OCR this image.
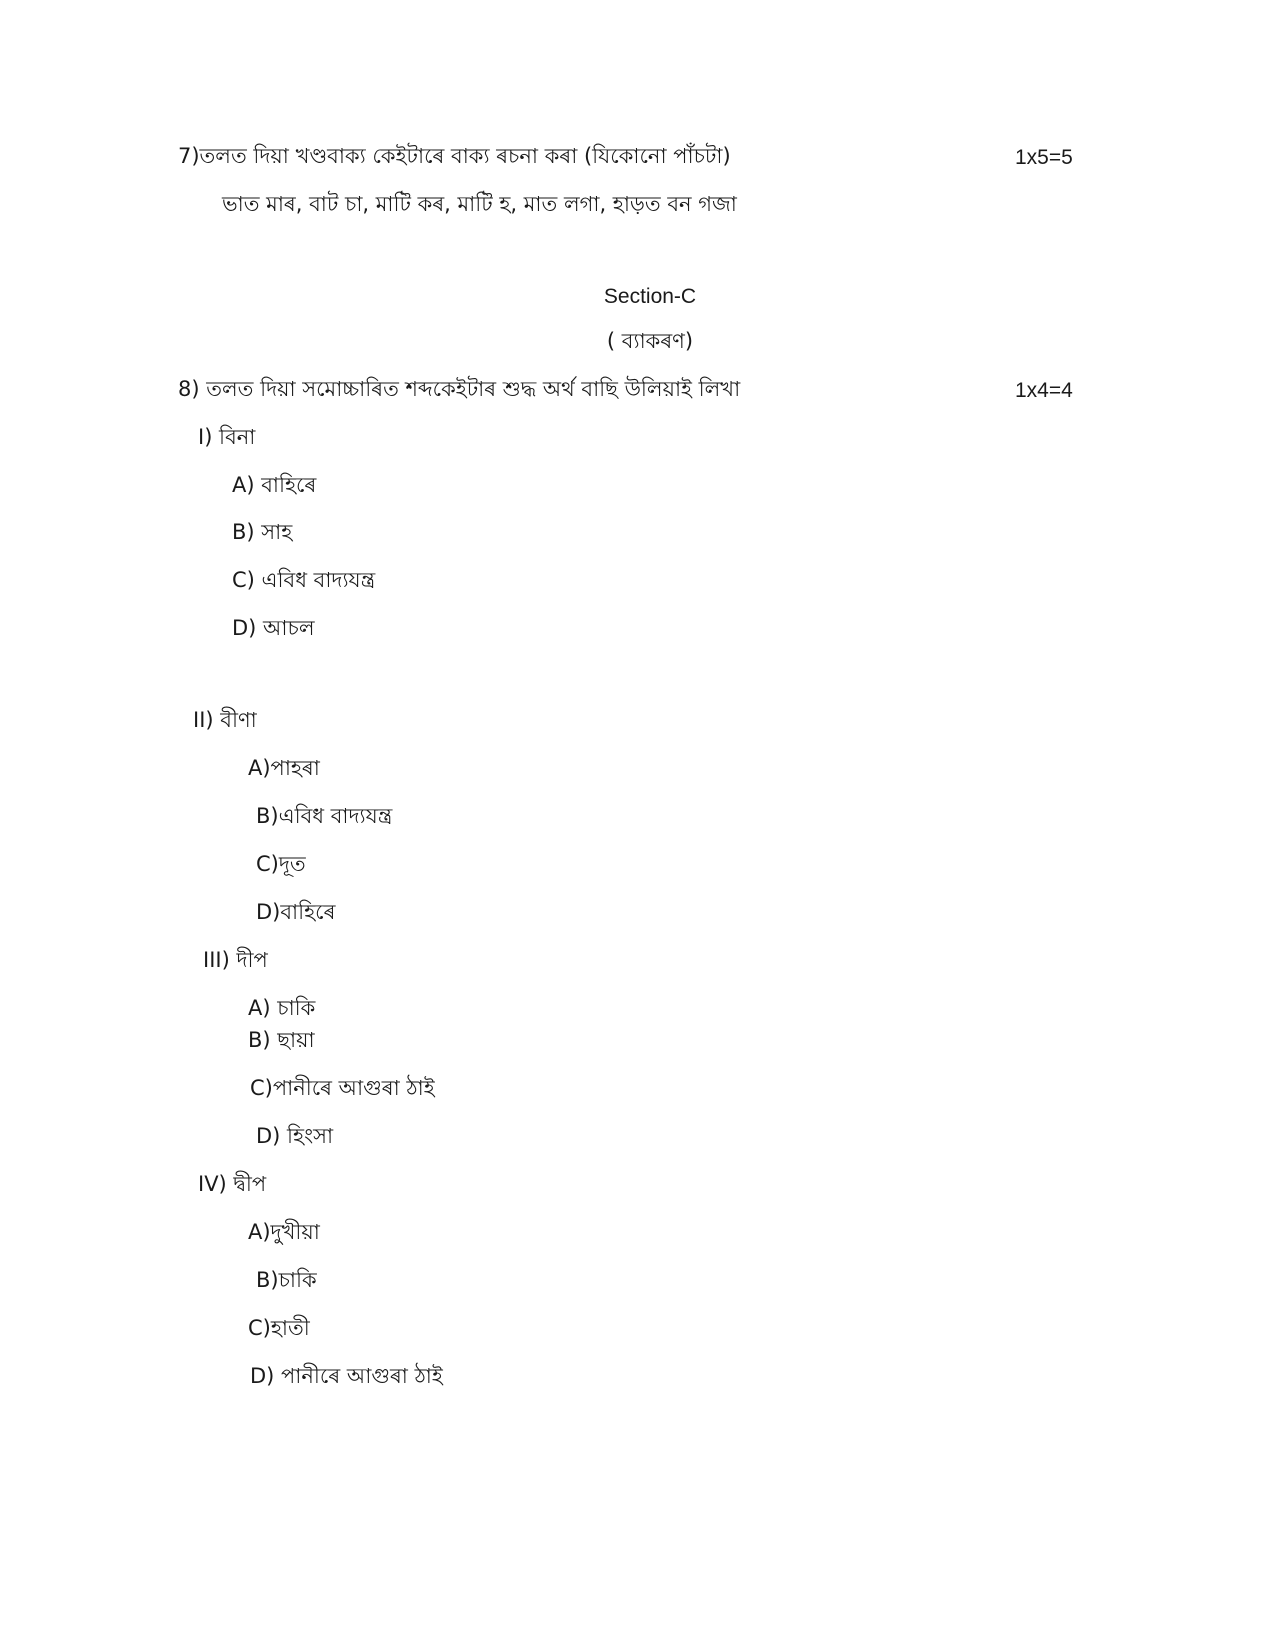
7)তলত দিয়া খণ্ডবাক্য কেইটাৰে বাক্য ৰচনা কৰা (যিকোনো পাঁচটা)	1x5=5
ভাত মাৰ, বাট চা, মাটি কৰ, মাটি হ, মাত লগা, হাড়ত বন গজা
Section-C
( ব্যাকৰণ)
8) তলত দিয়া সমোচ্চাৰিত শব্দকেইটাৰ শুদ্ধ অৰ্থ বাছি উলিয়াই লিখা	1x4=4
I) বিনা
A) বাহিৰে
B) সাহ
C) এবিধ বাদ্যযন্ত্ৰ
D) আচল
II) বীণা
A)পাহৰা
B)এবিধ বাদ্যযন্ত্ৰ
C)দূত
D)বাহিৰে
III) দীপ
A) চাকি
B) ছায়া
C)পানীৰে আগুৰা ঠাই
D) হিংসা
IV) দ্বীপ
A)দুখীয়া
B)চাকি
C)হাতী
D) পানীৰে আগুৰা ঠাই
